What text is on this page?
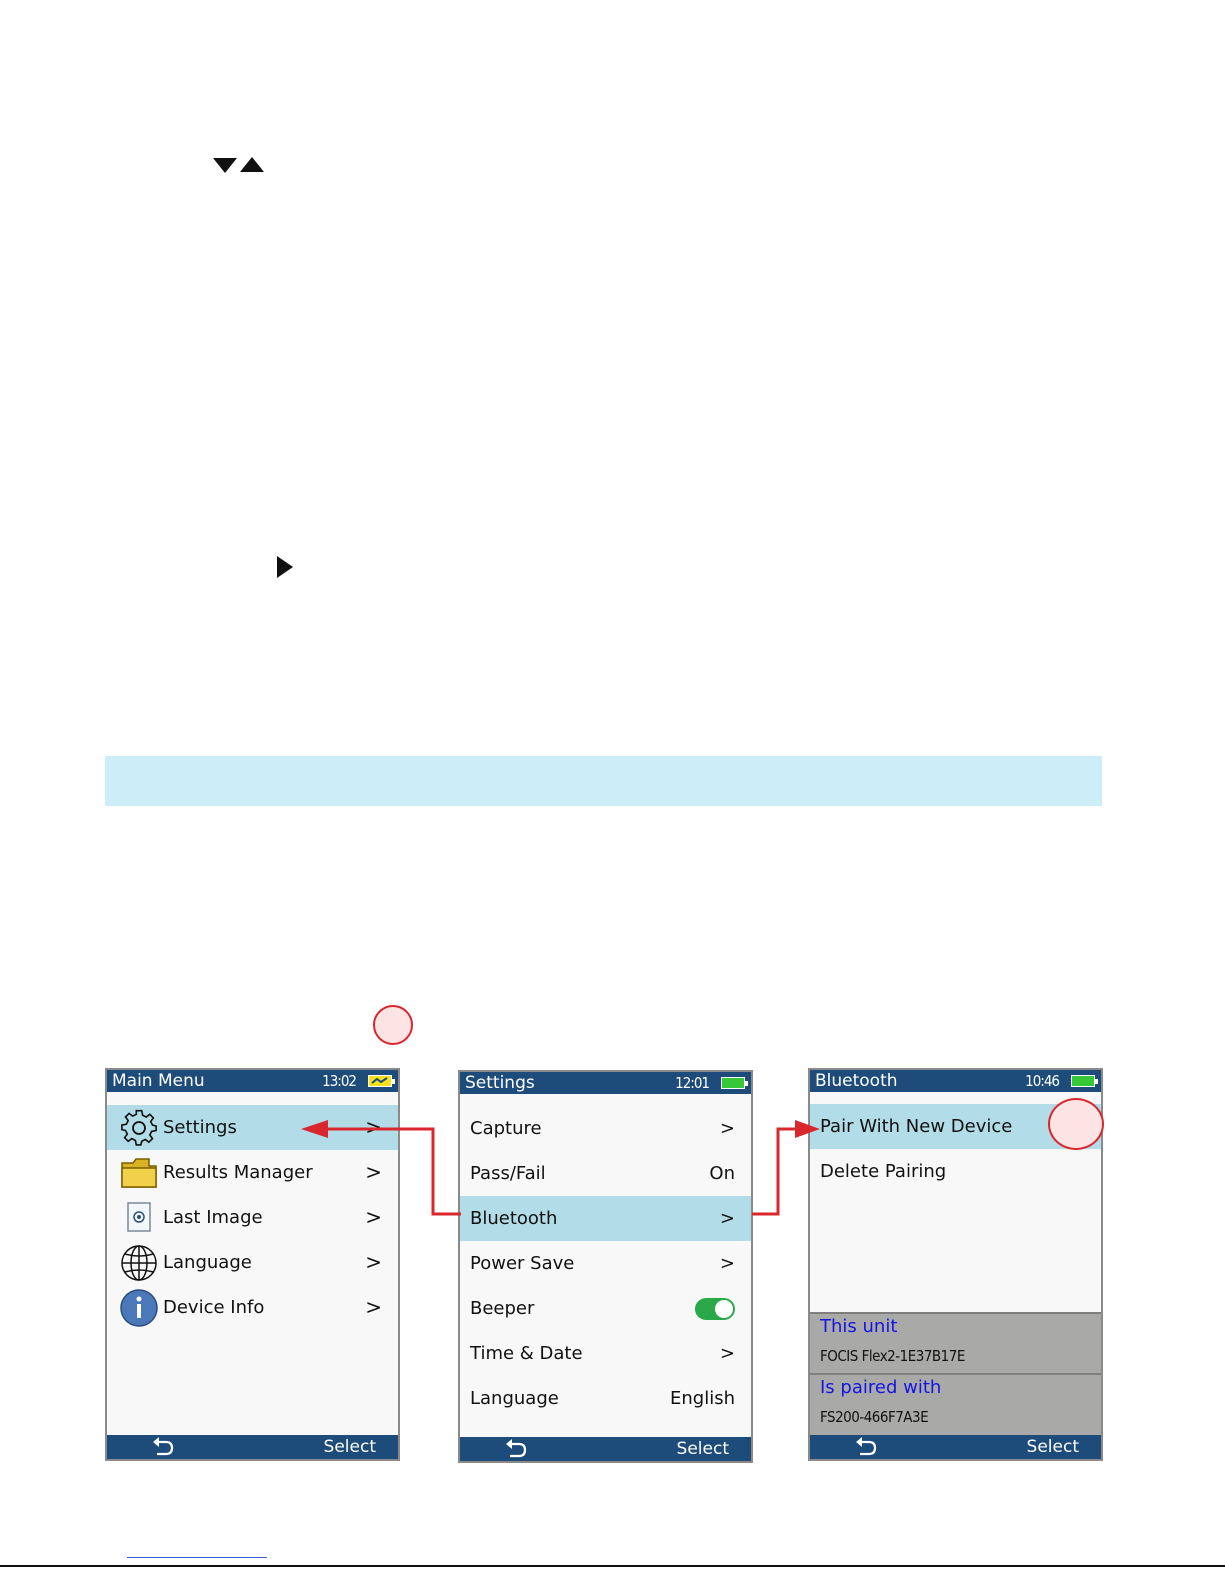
Main Menu	13:02
Settings	>
Results Manager	>
Last Image	>
Language	>
Device Info	>
Select
Settings	12:01
Capture	>
Pass/Fail	On
Bluetooth	>
Power Save	>
Beeper
Time & Date	>
Language	English
Select
Bluetooth	10:46
Pair With New Device
Delete Pairing
This unit
FOCIS Flex2-1E37B17E
Is paired with
FS200-466F7A3E
Select
